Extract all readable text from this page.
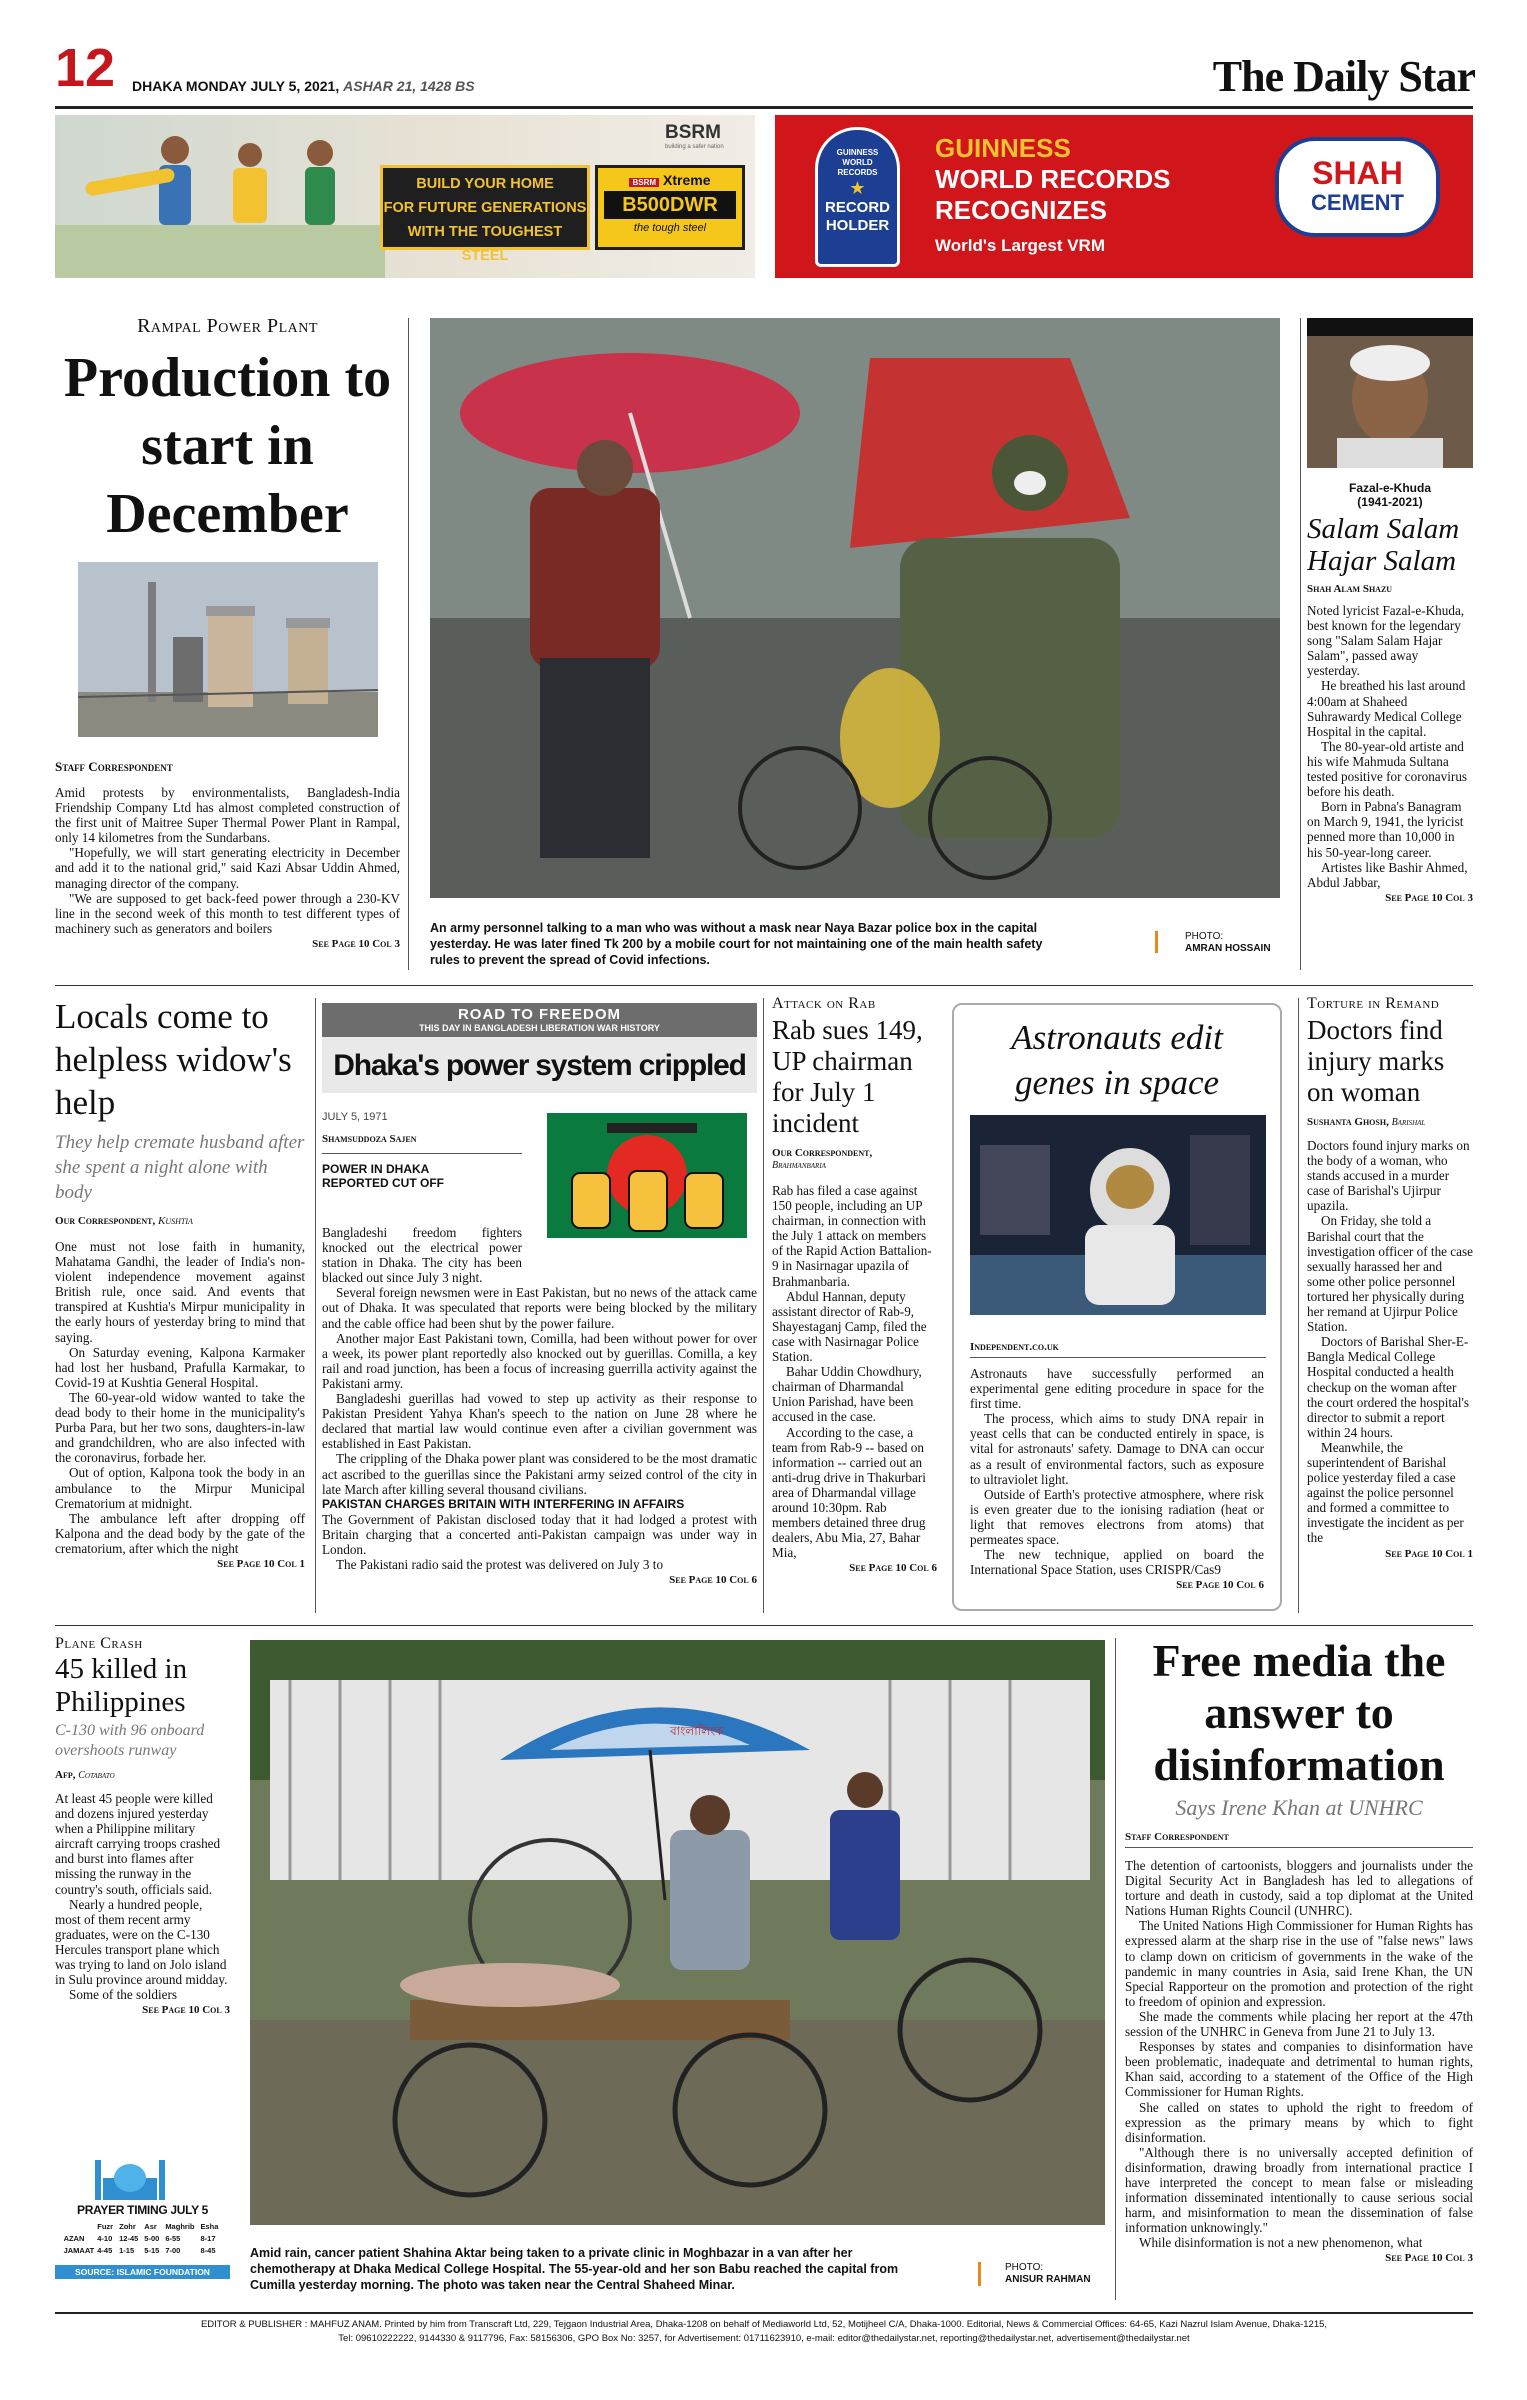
12 DHAKA MONDAY JULY 5, 2021, ASHAR 21, 1428 BS	The Daily Star
BSRM
building a safer nation
BUILD YOUR HOME
FOR FUTURE GENERATIONS
WITH THE TOUGHEST STEEL
BSRM Xtreme
B500DWR
the tough steel
GUINNESS WORLD RECORDS
★
RECORD HOLDER
GUINNESS
WORLD RECORDS
RECOGNIZES
World's Largest VRM
SHAH
CEMENT
Rampal Power Plant
Production to start in December
Staff Correspondent

Amid protests by environmentalists, Bangladesh-India Friendship Company Ltd has almost completed construction of the first unit of Maitree Super Thermal Power Plant in Rampal, only 14 kilometres from the Sundarbans.

"Hopefully, we will start generating electricity in December and add it to the national grid," said Kazi Absar Uddin Ahmed, managing director of the company.

"We are supposed to get back-feed power through a 230-KV line in the second week of this month to test different types of machinery such as generators and boilers

See Page 10 Col 3
An army personnel talking to a man who was without a mask near Naya Bazar police box in the capital yesterday. He was later fined Tk 200 by a mobile court for not maintaining one of the main health safety rules to prevent the spread of Covid infections.
PHOTO:
AMRAN HOSSAIN
Fazal-e-Khuda
(1941-2021)
Salam Salam Hajar Salam
Shah Alam Shazu

Noted lyricist Fazal-e-Khuda, best known for the legendary song "Salam Salam Hajar Salam", passed away yesterday.

He breathed his last around 4:00am at Shaheed Suhrawardy Medical College Hospital in the capital.

The 80-year-old artiste and his wife Mahmuda Sultana tested positive for coronavirus before his death.

Born in Pabna's Banagram on March 9, 1941, the lyricist penned more than 10,000 in his 50-year-long career.

Artistes like Bashir Ahmed, Abdul Jabbar,

See Page 10 Col 3
Locals come to helpless widow's help
They help cremate husband after she spent a night alone with body
Our Correspondent, Kushtia

One must not lose faith in humanity, Mahatama Gandhi, the leader of India's non-violent independence movement against British rule, once said. And events that transpired at Kushtia's Mirpur municipality in the early hours of yesterday bring to mind that saying.

On Saturday evening, Kalpona Karmaker had lost her husband, Prafulla Karmakar, to Covid-19 at Kushtia General Hospital.

The 60-year-old widow wanted to take the dead body to their home in the municipality's Purba Para, but her two sons, daughters-in-law and grandchildren, who are also infected with the coronavirus, forbade her.

Out of option, Kalpona took the body in an ambulance to the Mirpur Municipal Crematorium at midnight.

The ambulance left after dropping off Kalpona and the dead body by the gate of the crematorium, after which the night

See Page 10 Col 1
ROAD TO FREEDOM
THIS DAY IN BANGLADESH LIBERATION WAR HISTORY
Dhaka's power system crippled
JULY 5, 1971
Shamsuddoza Sajen
POWER IN DHAKA REPORTED CUT OFF

Bangladeshi freedom fighters knocked out the electrical power station in Dhaka. The city has been blacked out since July 3 night.

Several foreign newsmen were in East Pakistan, but no news of the attack came out of Dhaka. It was speculated that reports were being blocked by the military and the cable office had been shut by the power failure.

Another major East Pakistani town, Comilla, had been without power for over a week, its power plant reportedly also knocked out by guerillas. Comilla, a key rail and road junction, has been a focus of increasing guerrilla activity against the Pakistani army.

Bangladeshi guerillas had vowed to step up activity as their response to Pakistan President Yahya Khan's speech to the nation on June 28 where he declared that martial law would continue even after a civilian government was established in East Pakistan.

The crippling of the Dhaka power plant was considered to be the most dramatic act ascribed to the guerillas since the Pakistani army seized control of the city in late March after killing several thousand civilians.

PAKISTAN CHARGES BRITAIN WITH INTERFERING IN AFFAIRS

The Government of Pakistan disclosed today that it had lodged a protest with Britain charging that a concerted anti-Pakistan campaign was under way in London.

The Pakistani radio said the protest was delivered on July 3 to

See Page 10 Col 6
Attack on Rab
Rab sues 149, UP chairman for July 1 incident
Our Correspondent,
Brahmanbaria

Rab has filed a case against 150 people, including an UP chairman, in connection with the July 1 attack on members of the Rapid Action Battalion-9 in Nasirnagar upazila of Brahmanbaria.

Abdul Hannan, deputy assistant director of Rab-9, Shayestaganj Camp, filed the case with Nasirnagar Police Station.

Bahar Uddin Chowdhury, chairman of Dharmandal Union Parishad, have been accused in the case.

According to the case, a team from Rab-9 -- based on information -- carried out an anti-drug drive in Thakurbari area of Dharmandal village around 10:30pm. Rab members detained three drug dealers, Abu Mia, 27, Bahar Mia,

See Page 10 Col 6
Astronauts edit genes in space
Independent.co.uk

Astronauts have successfully performed an experimental gene editing procedure in space for the first time.

The process, which aims to study DNA repair in yeast cells that can be conducted entirely in space, is vital for astronauts' safety. Damage to DNA can occur as a result of environmental factors, such as exposure to ultraviolet light.

Outside of Earth's protective atmosphere, where risk is even greater due to the ionising radiation (heat or light that removes electrons from atoms) that permeates space.

The new technique, applied on board the International Space Station, uses CRISPR/Cas9

See Page 10 Col 6
Torture in Remand
Doctors find injury marks on woman
Sushanta Ghosh, Barishal

Doctors found injury marks on the body of a woman, who stands accused in a murder case of Barishal's Ujirpur upazila.

On Friday, she told a Barishal court that the investigation officer of the case sexually harassed her and some other police personnel tortured her physically during her remand at Ujirpur Police Station.

Doctors of Barishal Sher-E-Bangla Medical College Hospital conducted a health checkup on the woman after the court ordered the hospital's director to submit a report within 24 hours.

Meanwhile, the superintendent of Barishal police yesterday filed a case against the police personnel and formed a committee to investigate the incident as per the

See Page 10 Col 1
Plane Crash
45 killed in Philippines
C-130 with 96 onboard overshoots runway
Afp, Cotabato

At least 45 people were killed and dozens injured yesterday when a Philippine military aircraft carrying troops crashed and burst into flames after missing the runway in the country's south, officials said.

Nearly a hundred people, most of them recent army graduates, were on the C-130 Hercules transport plane which was trying to land on Jolo island in Sulu province around midday.

Some of the soldiers

See Page 10 Col 3
PRAYER TIMING JULY 5
	Fuzr	Zohr	Asr	Maghrib	Esha
AZAN	4-10	12-45	5-00	6-55	8-17
JAMAAT	4-45	1-15	5-15	7-00	8-45
SOURCE: ISLAMIC FOUNDATION
বাংলালিংক
Amid rain, cancer patient Shahina Aktar being taken to a private clinic in Moghbazar in a van after her chemotherapy at Dhaka Medical College Hospital. The 55-year-old and her son Babu reached the capital from Cumilla yesterday morning. The photo was taken near the Central Shaheed Minar.
PHOTO:
ANISUR RAHMAN
Free media the answer to disinformation
Says Irene Khan at UNHRC
Staff Correspondent

The detention of cartoonists, bloggers and journalists under the Digital Security Act in Bangladesh has led to allegations of torture and death in custody, said a top diplomat at the United Nations Human Rights Council (UNHRC).

The United Nations High Commissioner for Human Rights has expressed alarm at the sharp rise in the use of "false news" laws to clamp down on criticism of governments in the wake of the pandemic in many countries in Asia, said Irene Khan, the UN Special Rapporteur on the promotion and protection of the right to freedom of opinion and expression.

She made the comments while placing her report at the 47th session of the UNHRC in Geneva from June 21 to July 13.

Responses by states and companies to disinformation have been problematic, inadequate and detrimental to human rights, Khan said, according to a statement of the Office of the High Commissioner for Human Rights.

She called on states to uphold the right to freedom of expression as the primary means by which to fight disinformation.

"Although there is no universally accepted definition of disinformation, drawing broadly from international practice I have interpreted the concept to mean false or misleading information disseminated intentionally to cause serious social harm, and misinformation to mean the dissemination of false information unknowingly."

While disinformation is not a new phenomenon, what

See Page 10 Col 3
EDITOR & PUBLISHER : MAHFUZ ANAM. Printed by him from Transcraft Ltd, 229, Tejgaon Industrial Area, Dhaka-1208 on behalf of Mediaworld Ltd, 52, Motijheel C/A, Dhaka-1000. Editorial, News & Commercial Offices: 64-65, Kazi Nazrul Islam Avenue, Dhaka-1215,
Tel: 09610222222, 9144330 & 9117796, Fax: 58156306, GPO Box No: 3257, for Advertisement: 01711623910, e-mail: editor@thedailystar.net, reporting@thedailystar.net, advertisement@thedailystar.net
